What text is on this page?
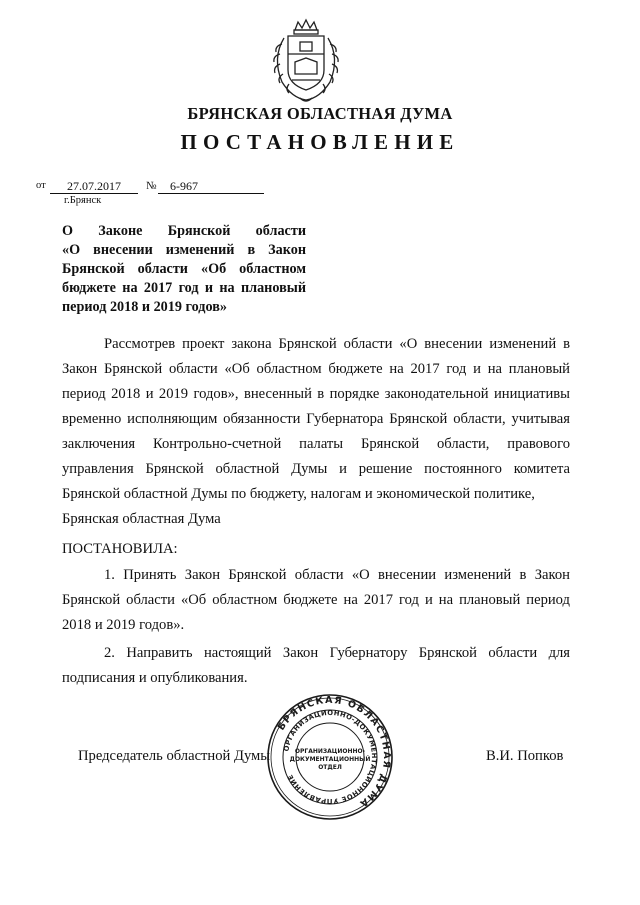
БРЯНСКАЯ ОБЛАСТНАЯ ДУМА
ПОСТАНОВЛЕНИЕ
от	27.07.2017	№	6-967
г.Брянск
О Законе Брянской области
«О внесении изменений в Закон
Брянской области «Об областном
бюджете на 2017 год и на плановый
период 2018 и 2019 годов»

Рассмотрев проект закона Брянской области «О внесении изменений в Закон Брянской области «Об областном бюджете на 2017 год и на плановый период 2018 и 2019 годов», внесенный в порядке законодательной инициативы временно исполняющим обязанности Губернатора Брянской области, учитывая заключения Контрольно-счетной палаты Брянской области, правового управления Брянской областной Думы и решение постоянного комитета Брянской областной Думы по бюджету, налогам и экономической политике,

Брянская областная Дума
ПОСТАНОВИЛА:
1. Принять Закон Брянской области «О внесении изменений в Закон Брянской области «Об областном бюджете на 2017 год и на плановый период 2018 и 2019 годов».
2. Направить настоящий Закон Губернатору Брянской области для подписания и опубликования.
Председатель областной Думы	В.И. Попков
БРЯНСКАЯ ОБЛАСТНАЯ ДУМА
ОРГАНИЗАЦИОННО-ДОКУМЕНТАЦИОННОЕ УПРАВЛЕНИЕ
ОРГАНИЗАЦИОННО-
ДОКУМЕНТАЦИОННЫЙ
ОТДЕЛ
